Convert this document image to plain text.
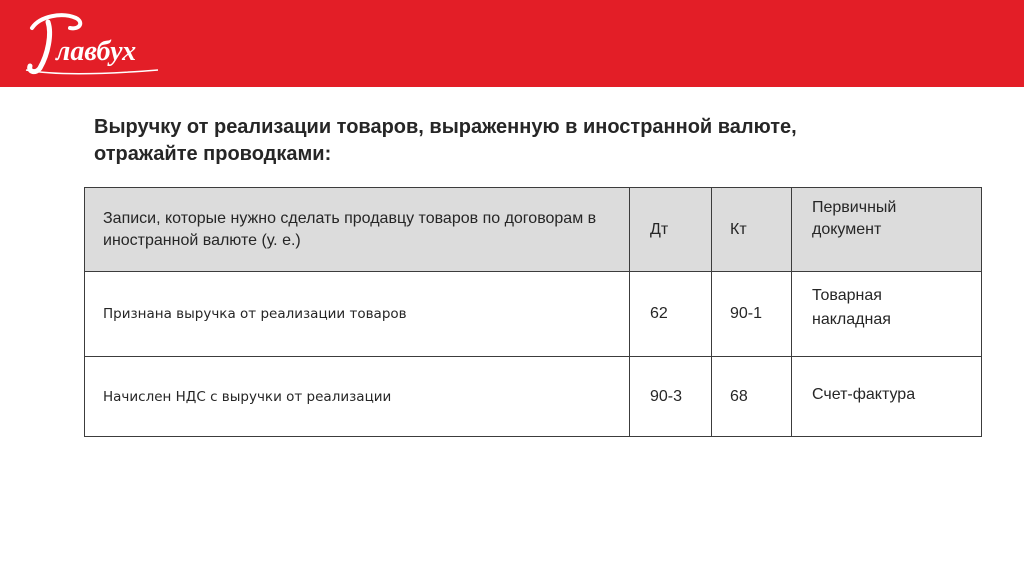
лавбух
Выручку от реализации товаров, выраженную в иностранной валюте, отражайте проводками:
Записи, которые нужно сделать продавцу товаров по договорам в иностранной валюте (у. е.)	Дт	Кт	Первичный
документ
Признана выручка от реализации товаров	62	90-1	Товарная
накладная

Начислен НДС с выручки от реализации	90-3	68	Счет-фактура
